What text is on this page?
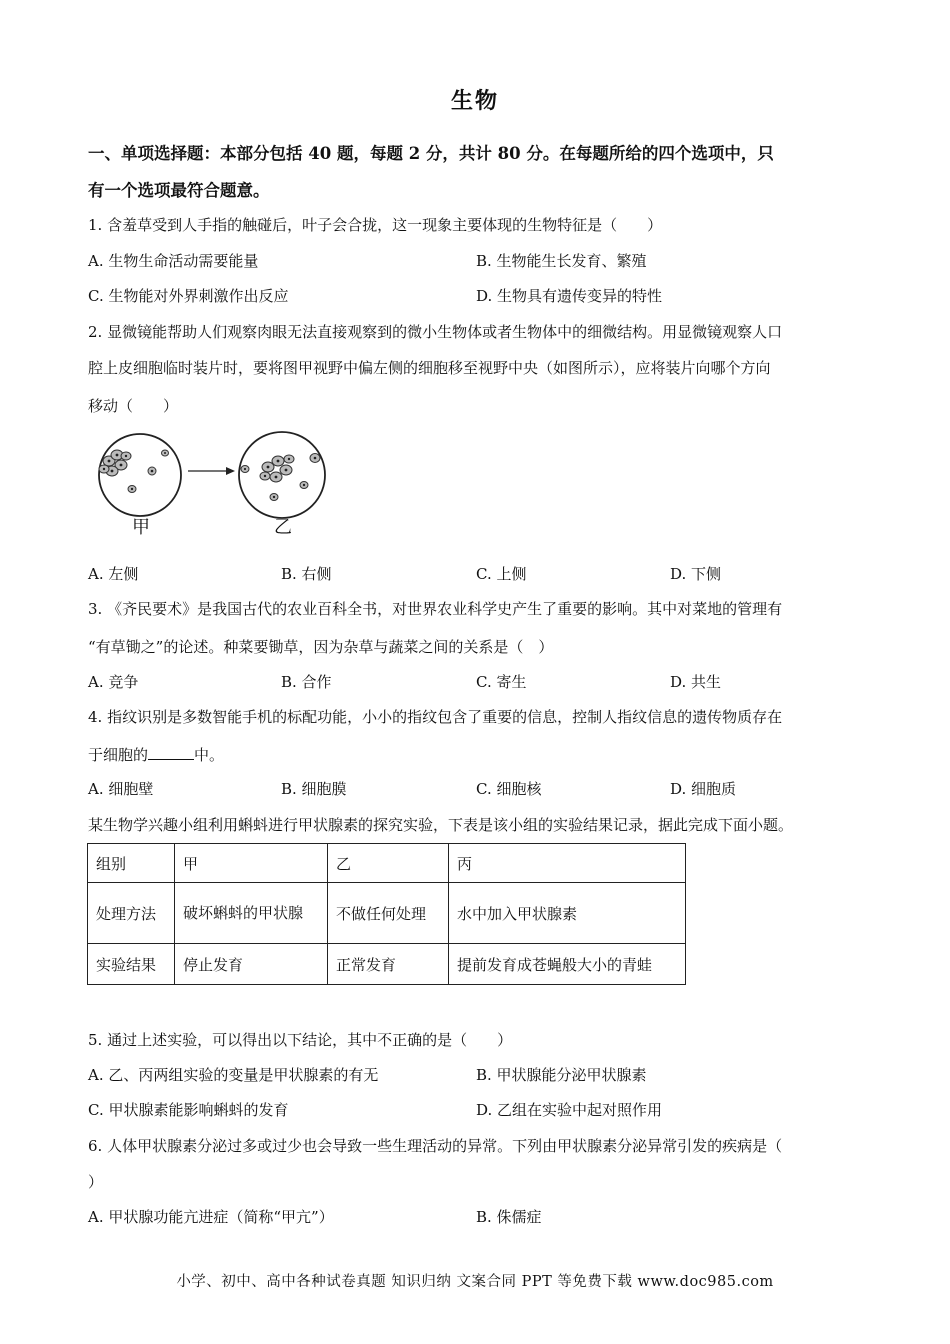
生物
一、单项选择题：本部分包括 40 题，每题 2 分，共计 80 分。在每题所给的四个选项中，只
有一个选项最符合题意。
1. 含羞草受到人手指的触碰后，叶子会合拢，这一现象主要体现的生物特征是（　　）
A. 生物生命活动需要能量	B. 生物能生长发育、繁殖
C. 生物能对外界刺激作出反应	D. 生物具有遗传变异的特性
2. 显微镜能帮助人们观察肉眼无法直接观察到的微小生物体或者生物体中的细微结构。用显微镜观察人口
腔上皮细胞临时装片时，要将图甲视野中偏左侧的细胞移至视野中央（如图所示），应将装片向哪个方向
移动（　　）
甲	乙
A. 左侧	B. 右侧	C. 上侧	D. 下侧
3. 《齐民要术》是我国古代的农业百科全书，对世界农业科学史产生了重要的影响。其中对菜地的管理有
“有草锄之”的论述。种菜要锄草，因为杂草与蔬菜之间的关系是（　）
A. 竞争	B. 合作	C. 寄生	D. 共生
4. 指纹识别是多数智能手机的标配功能，小小的指纹包含了重要的信息，控制人指纹信息的遗传物质存在
于细胞的	中。
A. 细胞壁	B. 细胞膜	C. 细胞核	D. 细胞质
某生物学兴趣小组利用蝌蚪进行甲状腺素的探究实验，下表是该小组的实验结果记录，据此完成下面小题。
组别	甲	乙	丙
处理方法	破坏蝌蚪的甲状腺	不做任何处理	水中加入甲状腺素
实验结果	停止发育	正常发育	提前发育成苍蝇般大小的青蛙
5. 通过上述实验，可以得出以下结论，其中不正确的是（　　）
A. 乙、丙两组实验的变量是甲状腺素的有无	B. 甲状腺能分泌甲状腺素
C. 甲状腺素能影响蝌蚪的发育	D. 乙组在实验中起对照作用
6. 人体甲状腺素分泌过多或过少也会导致一些生理活动的异常。下列由甲状腺素分泌异常引发的疾病是（
）
A. 甲状腺功能亢进症（简称“甲亢”）	B. 侏儒症
小学、初中、高中各种试卷真题 知识归纳 文案合同 PPT 等免费下载 www.doc985.com
